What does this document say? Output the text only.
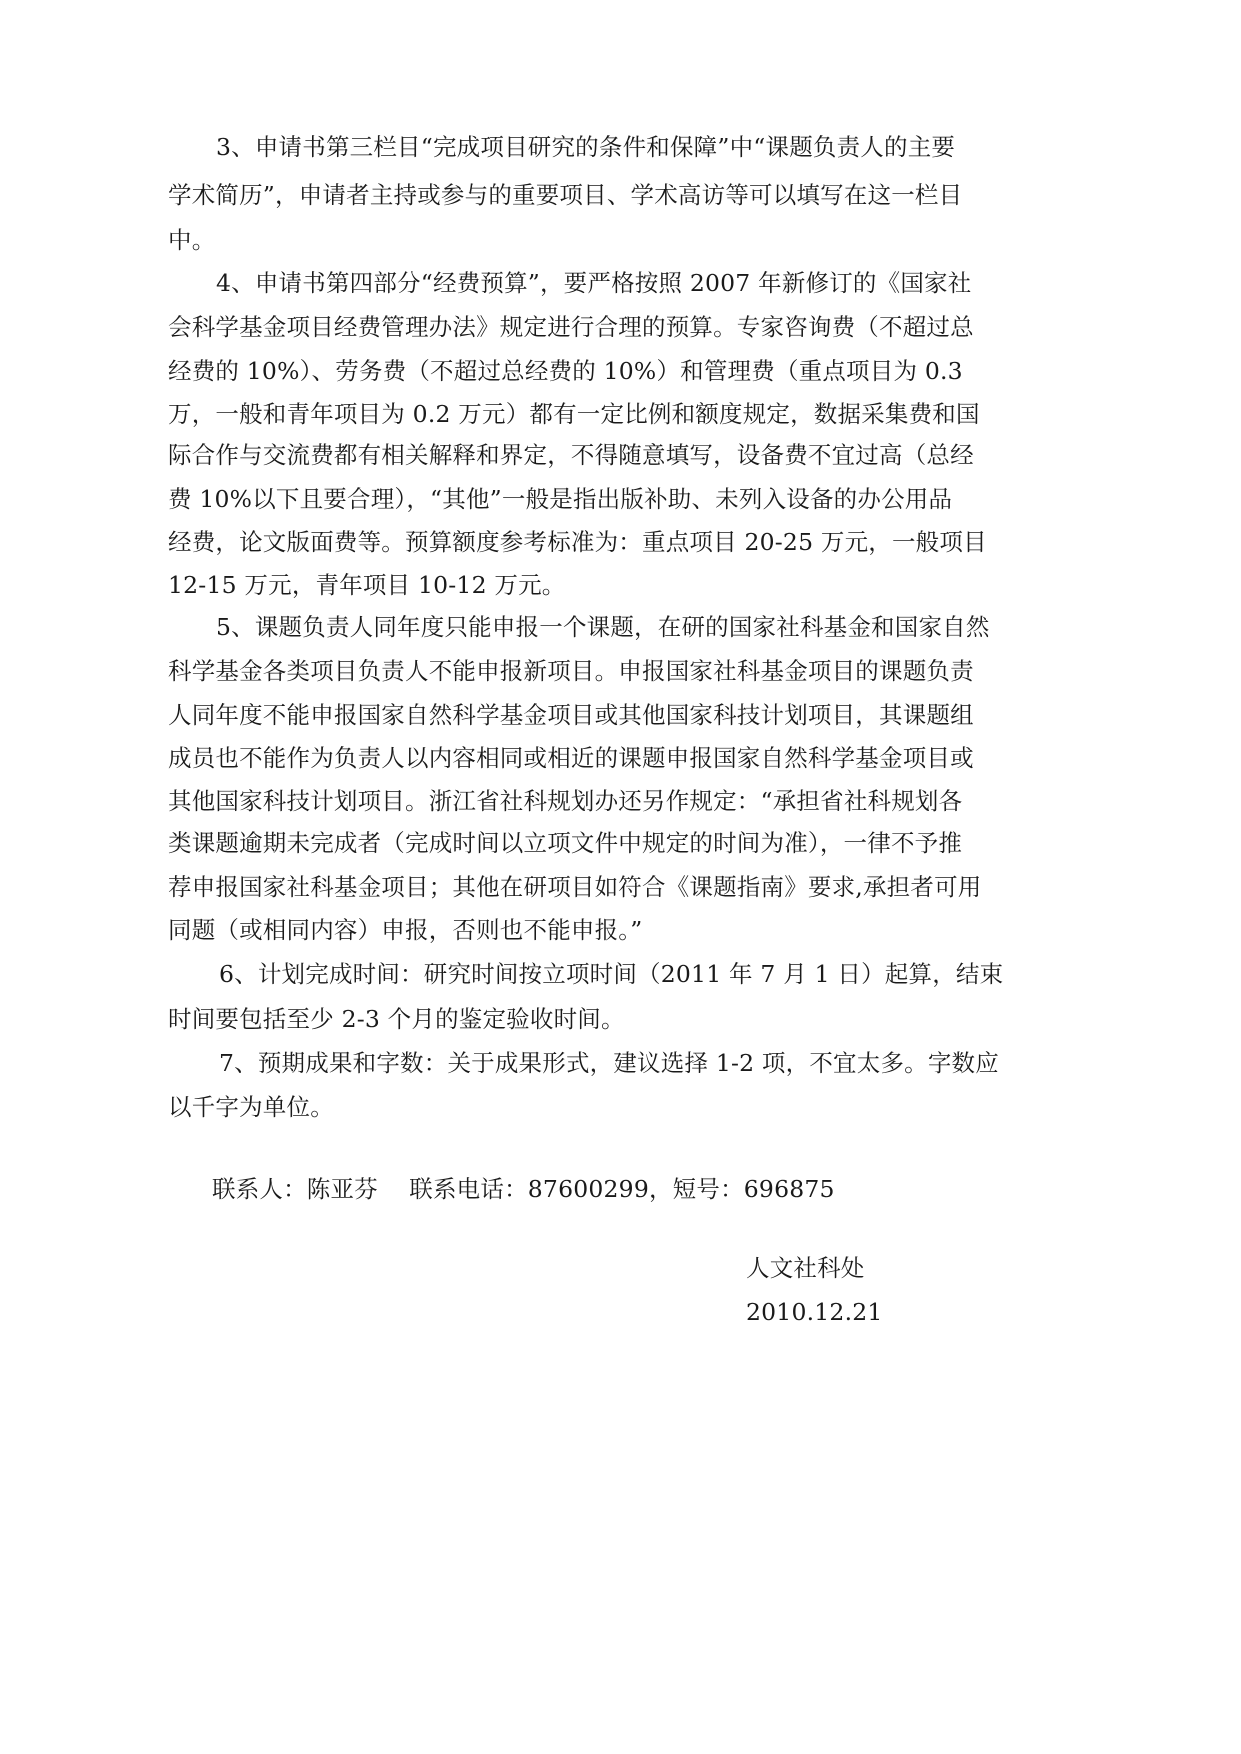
3、申请书第三栏目“完成项目研究的条件和保障”中“课题负责人的主要
学术简历”，申请者主持或参与的重要项目、学术高访等可以填写在这一栏目
中。
4、申请书第四部分“经费预算”，要严格按照 2007 年新修订的《国家社
会科学基金项目经费管理办法》规定进行合理的预算。专家咨询费（不超过总
经费的 10%）、劳务费（不超过总经费的 10%）和管理费（重点项目为 0.3
万，一般和青年项目为 0.2 万元）都有一定比例和额度规定，数据采集费和国
际合作与交流费都有相关解释和界定，不得随意填写，设备费不宜过高（总经
费 10%以下且要合理），“其他”一般是指出版补助、未列入设备的办公用品
经费，论文版面费等。预算额度参考标准为：重点项目 20-25 万元，一般项目
12-15 万元，青年项目 10-12 万元。
5、课题负责人同年度只能申报一个课题，在研的国家社科基金和国家自然
科学基金各类项目负责人不能申报新项目。申报国家社科基金项目的课题负责
人同年度不能申报国家自然科学基金项目或其他国家科技计划项目，其课题组
成员也不能作为负责人以内容相同或相近的课题申报国家自然科学基金项目或
其他国家科技计划项目。浙江省社科规划办还另作规定：“承担省社科规划各
类课题逾期未完成者（完成时间以立项文件中规定的时间为准），一律不予推
荐申报国家社科基金项目；其他在研项目如符合《课题指南》要求,承担者可用
同题（或相同内容）申报，否则也不能申报。”
6、计划完成时间：研究时间按立项时间（2011 年 7 月 1 日）起算，结束
时间要包括至少 2-3 个月的鉴定验收时间。
7、预期成果和字数：关于成果形式，建议选择 1-2 项，不宜太多。字数应
以千字为单位。
联系人：陈亚芬　 联系电话：87600299，短号：696875
人文社科处
2010.12.21
